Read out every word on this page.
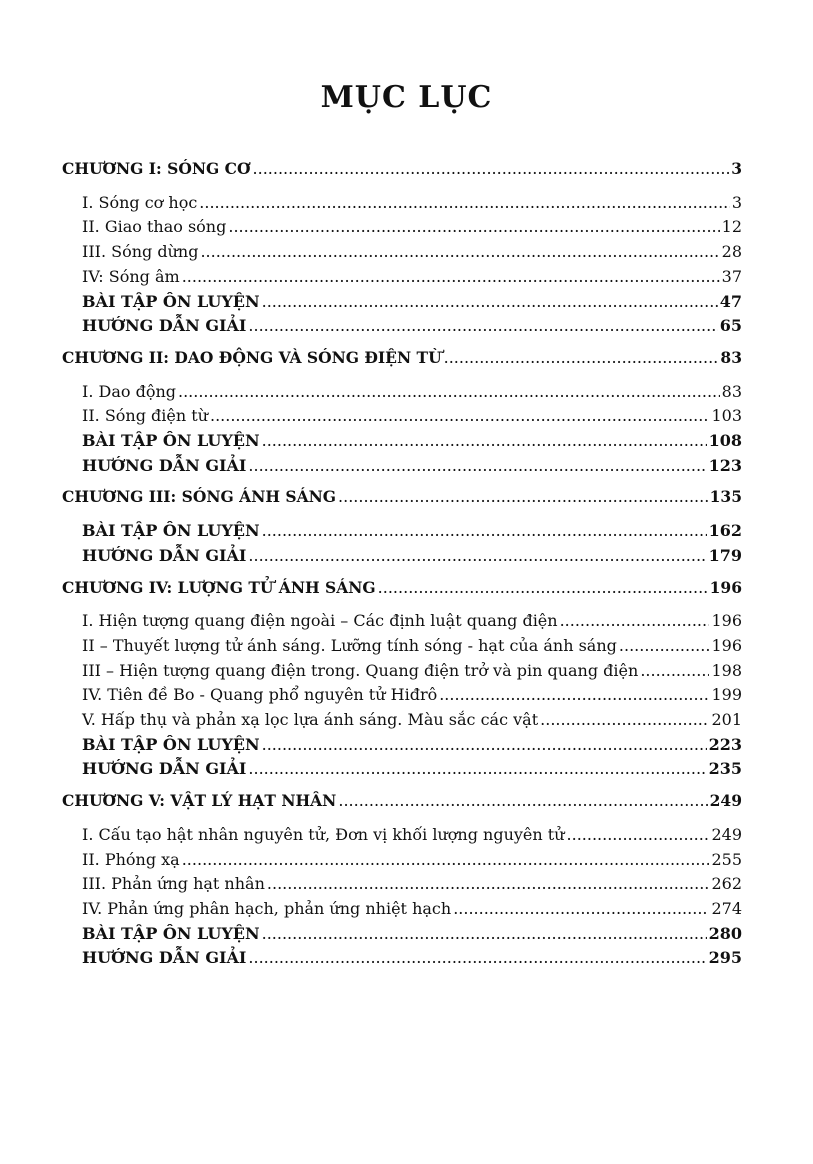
MỤC LỤC
CHƯƠNG I: SÓNG CƠ .....	3
I. Sóng cơ học .....	3
II. Giao thao sóng .....	12
III. Sóng dừng .....	28
IV: Sóng âm .....	37
BÀI TẬP ÔN LUYỆN .....	47
HƯỚNG DẪN GIẢI .....	65
CHƯƠNG II: DAO ĐỘNG VÀ SÓNG ĐIỆN TỪ .....	83
I. Dao động .....	83
II. Sóng điện từ .....	103
BÀI TẬP ÔN LUYỆN .....	108
HƯỚNG DẪN GIẢI .....	123
CHƯƠNG III: SÓNG ÁNH SÁNG .....	135
BÀI TẬP ÔN LUYỆN .....	162
HƯỚNG DẪN GIẢI .....	179
CHƯƠNG IV: LƯỢNG TỬ ÁNH SÁNG .....	196
I. Hiện tượng quang điện ngoài – Các định luật quang điện .....	196
II – Thuyết lượng tử ánh sáng. Lưỡng tính sóng - hạt của ánh sáng .....	196
III – Hiện tượng quang điện trong. Quang điện trở và pin quang điện .....	198
IV. Tiên đề Bo - Quang phổ nguyên tử Hiđrô .....	199
V. Hấp thụ và phản xạ lọc lựa ánh sáng. Màu sắc các vật .....	201
BÀI TẬP ÔN LUYỆN .....	223
HƯỚNG DẪN GIẢI .....	235
CHƯƠNG V: VẬT LÝ HẠT NHÂN .....	249
I. Cấu tạo hật nhân nguyên tử, Đơn vị khối lượng nguyên tử .....	249
II. Phóng xạ .....	255
III. Phản ứng hạt nhân .....	262
IV. Phản ứng phân hạch, phản ứng nhiệt hạch .....	274
BÀI TẬP ÔN LUYỆN .....	280
HƯỚNG DẪN GIẢI .....	295
